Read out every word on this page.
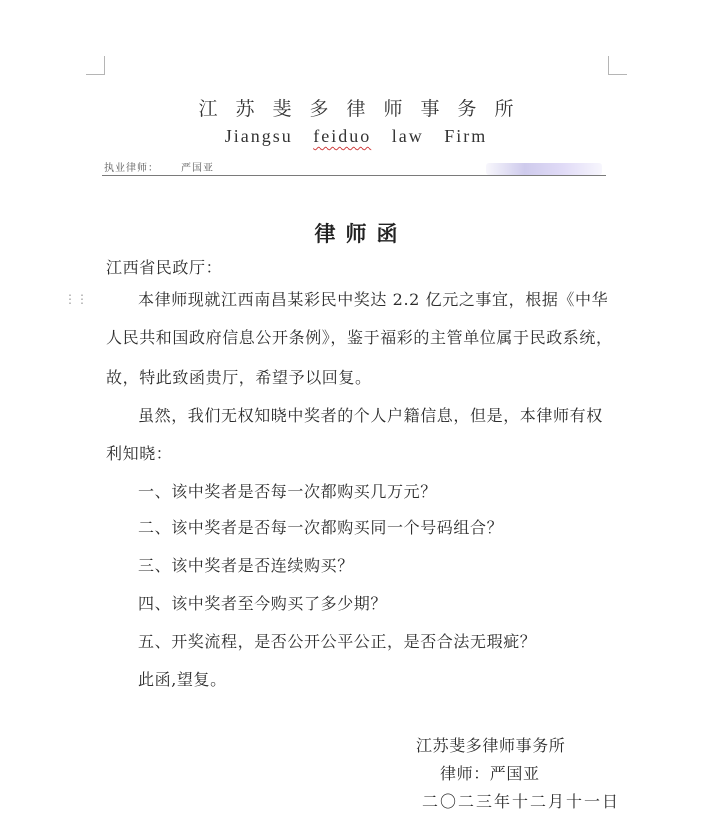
江苏斐多律师事务所
Jiangsu feiduo law Firm
执业律师： 严国亚
律师函
⋮⋮
江西省民政厅：
本律师现就江西南昌某彩民中奖达 2.2 亿元之事宜，根据《中华
人民共和国政府信息公开条例》，鉴于福彩的主管单位属于民政系统，
故，特此致函贵厅，希望予以回复。
虽然，我们无权知晓中奖者的个人户籍信息，但是，本律师有权
利知晓：
一、该中奖者是否每一次都购买几万元？
二、该中奖者是否每一次都购买同一个号码组合？
三、该中奖者是否连续购买？
四、该中奖者至今购买了多少期？
五、开奖流程，是否公开公平公正，是否合法无瑕疵？
此函,望复。
江苏斐多律师事务所
律师：严国亚
二〇二三年十二月十一日
